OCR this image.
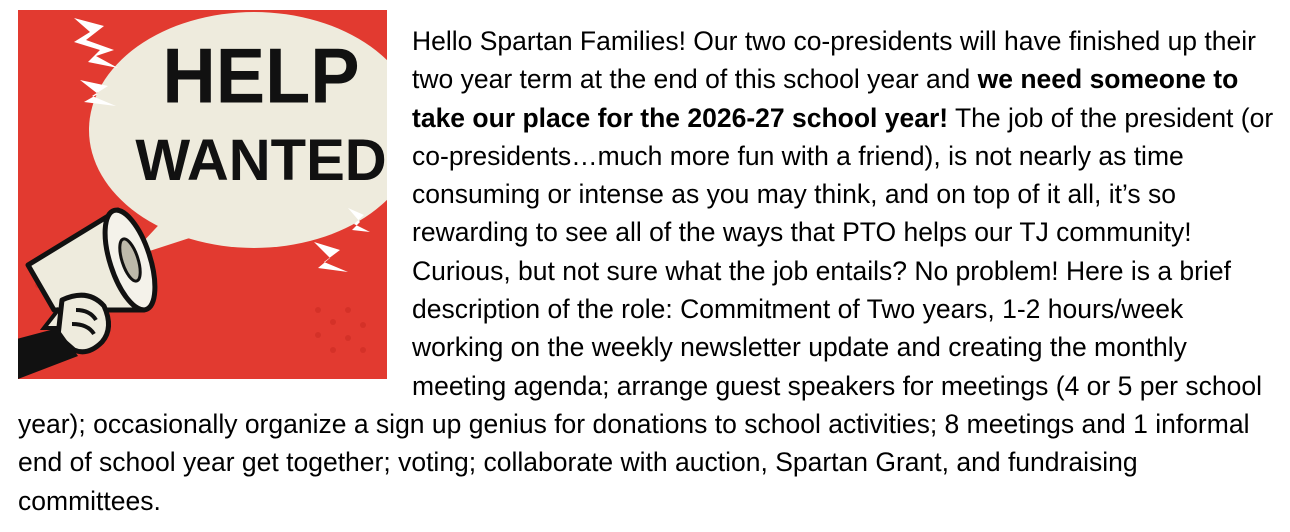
HELP
WANTED

Hello Spartan Families! Our two co-presidents will have finished up their two year term at the end of this school year and we need someone to take our place for the 2026-27 school year! The job of the president (or co-presidents…much more fun with a friend), is not nearly as time consuming or intense as you may think, and on top of it all, it’s so rewarding to see all of the ways that PTO helps our TJ community! Curious, but not sure what the job entails? No problem! Here is a brief description of the role: Commitment of Two years, 1-2 hours/week working on the weekly newsletter update and creating the monthly meeting agenda; arrange guest speakers for meetings (4 or 5 per school year); occasionally organize a sign up genius for donations to school activities; 8 meetings and 1 informal end of school year get together; voting; collaborate with auction, Spartan Grant, and fundraising committees.
